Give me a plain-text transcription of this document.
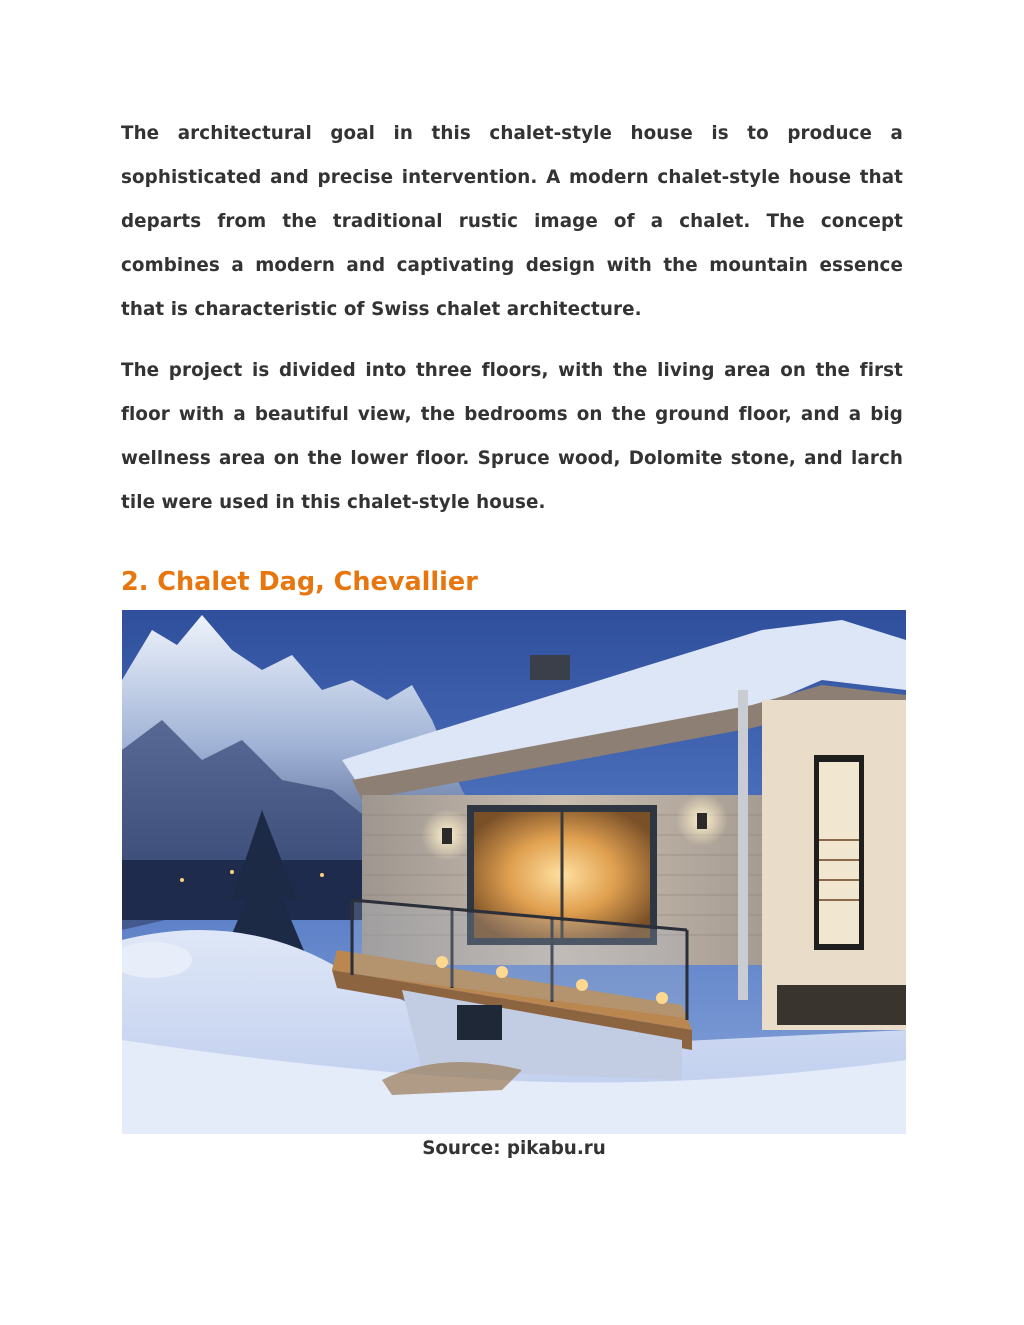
The architectural goal in this chalet-style house is to produce a sophisticated and precise intervention. A modern chalet-style house that departs from the traditional rustic image of a chalet. The concept combines a modern and captivating design with the mountain essence that is characteristic of Swiss chalet architecture.

The project is divided into three floors, with the living area on the first floor with a beautiful view, the bedrooms on the ground floor, and a big wellness area on the lower floor. Spruce wood, Dolomite stone, and larch tile were used in this chalet-style house.

2. Chalet Dag, Chevallier
Source: pikabu.ru
